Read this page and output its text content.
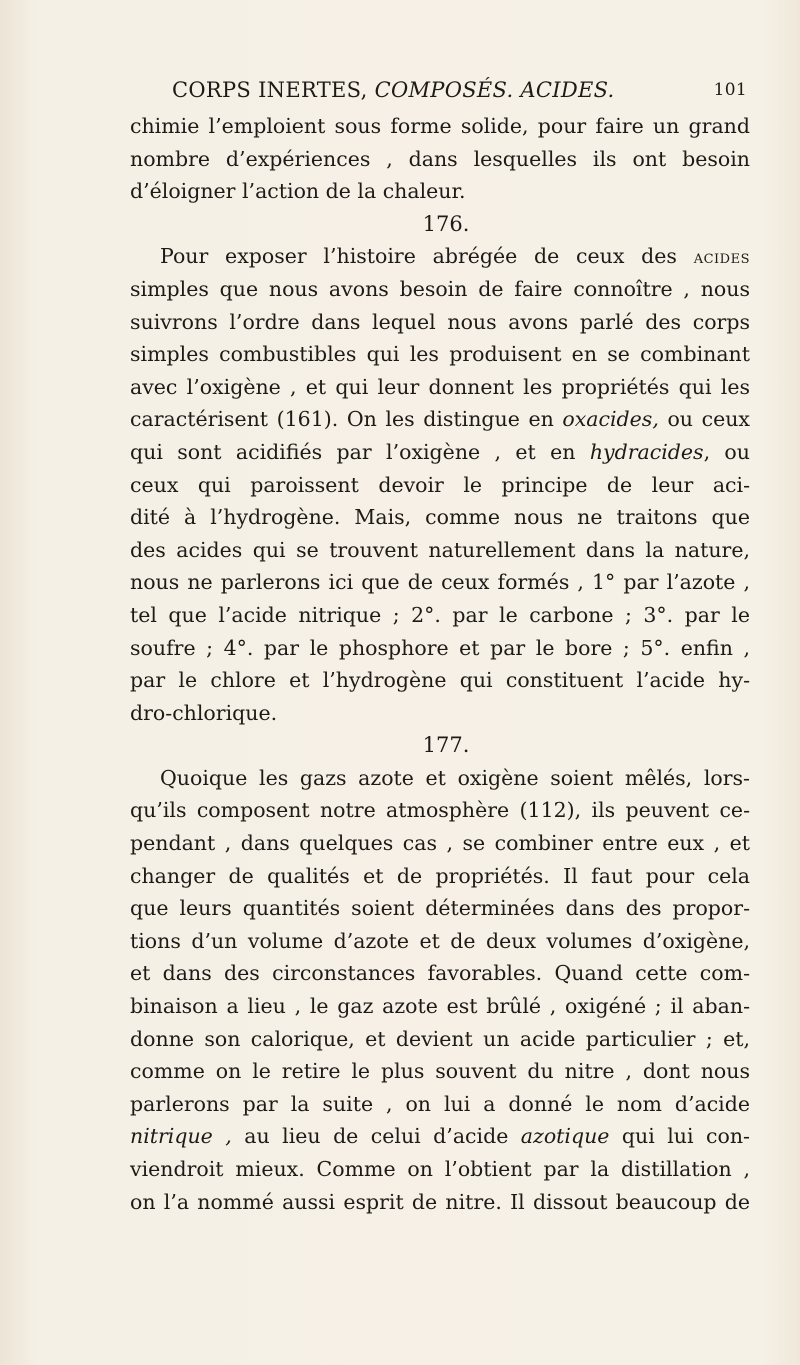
CORPS INERTES, COMPOSÉS. ACIDES.	101
chimie l’emploient sous forme solide, pour faire un grand
nombre d’expériences , dans lesquelles ils ont besoin
d’éloigner l’action de la chaleur.
176.
Pour exposer l’histoire abrégée de ceux des acides
simples que nous avons besoin de faire connoître , nous
suivrons l’ordre dans lequel nous avons parlé des corps
simples combustibles qui les produisent en se combinant
avec l’oxigène , et qui leur donnent les propriétés qui les
caractérisent (161). On les distingue en oxacides, ou ceux
qui sont acidifiés par l’oxigène , et en hydracides, ou
ceux qui paroissent devoir le principe de leur aci-
dité à l’hydrogène. Mais, comme nous ne traitons que
des acides qui se trouvent naturellement dans la nature,
nous ne parlerons ici que de ceux formés , 1° par l’azote ,
tel que l’acide nitrique ; 2°. par le carbone ; 3°. par le
soufre ; 4°. par le phosphore et par le bore ; 5°. enfin ,
par le chlore et l’hydrogène qui constituent l’acide hy-
dro-chlorique.
177.
Quoique les gazs azote et oxigène soient mêlés, lors-
qu’ils composent notre atmosphère (112), ils peuvent ce-
pendant , dans quelques cas , se combiner entre eux , et
changer de qualités et de propriétés. Il faut pour cela
que leurs quantités soient déterminées dans des propor-
tions d’un volume d’azote et de deux volumes d’oxigène,
et dans des circonstances favorables. Quand cette com-
binaison a lieu , le gaz azote est brûlé , oxigéné ; il aban-
donne son calorique, et devient un acide particulier ; et,
comme on le retire le plus souvent du nitre , dont nous
parlerons par la suite , on lui a donné le nom d’acide
nitrique , au lieu de celui d’acide azotique qui lui con-
viendroit mieux. Comme on l’obtient par la distillation ,
on l’a nommé aussi esprit de nitre. Il dissout beaucoup de
